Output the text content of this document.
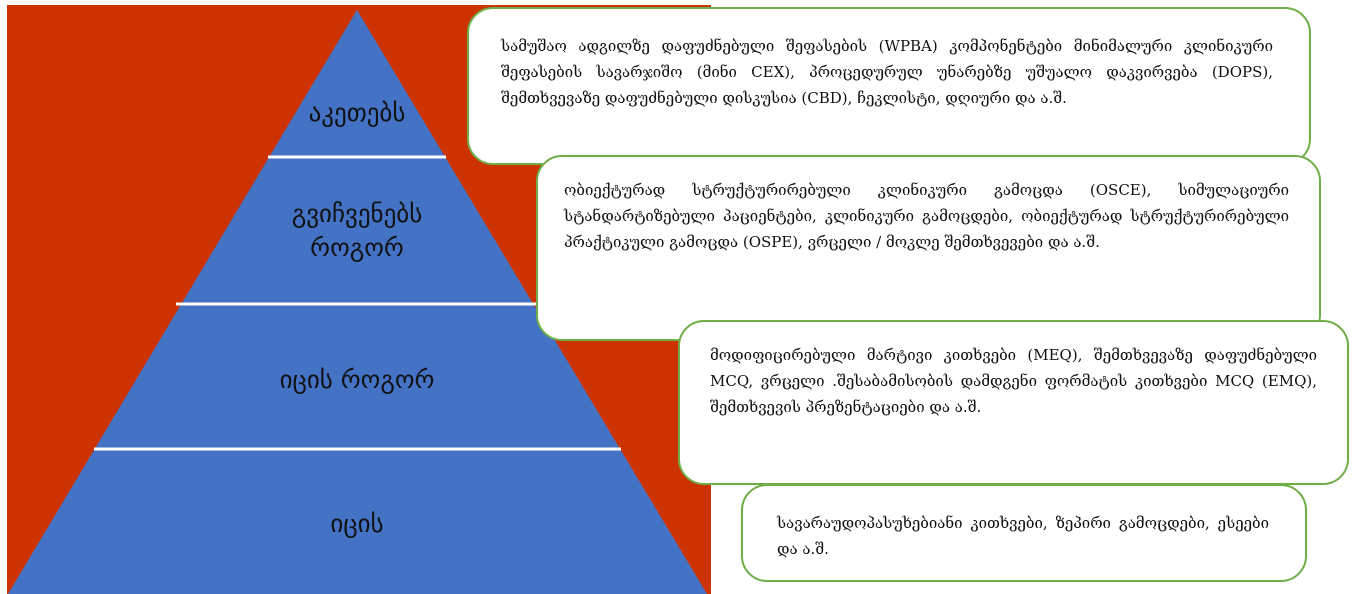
აკეთებს
გვიჩვენებს როგორ
იცის როგორ
იცის

სამუშაო ადგილზე დაფუძნებული შეფასების (WPBA) კომპონენტები მინიმალური კლინიკური შეფასების სავარჯიშო (მინი CEX), პროცედურულ უნარებზე უშუალო დაკვირვება (DOPS), შემთხვევაზე დაფუძნებული დისკუსია (CBD), ჩეკლისტი, დღიური და ა.შ.

ობიექტურად სტრუქტურირებული კლინიკური გამოცდა (OSCE), სიმულაციური სტანდარტიზებული პაციენტები, კლინიკური გამოცდები, ობიექტურად სტრუქტურირებული პრაქტიკული გამოცდა (OSPE), ვრცელი / მოკლე შემთხვევები და ა.შ.

მოდიფიცირებული მარტივი კითხვები (MEQ), შემთხვევაზე დაფუძნებული MCQ, ვრცელი .შესაბამისობის დამდგენი ფორმატის კითხვები MCQ (EMQ), შემთხვევის პრეზენტაციები და ა.შ.

სავარაუდოპასუხებიანი კითხვები, ზეპირი გამოცდები, ესეები და ა.შ.
